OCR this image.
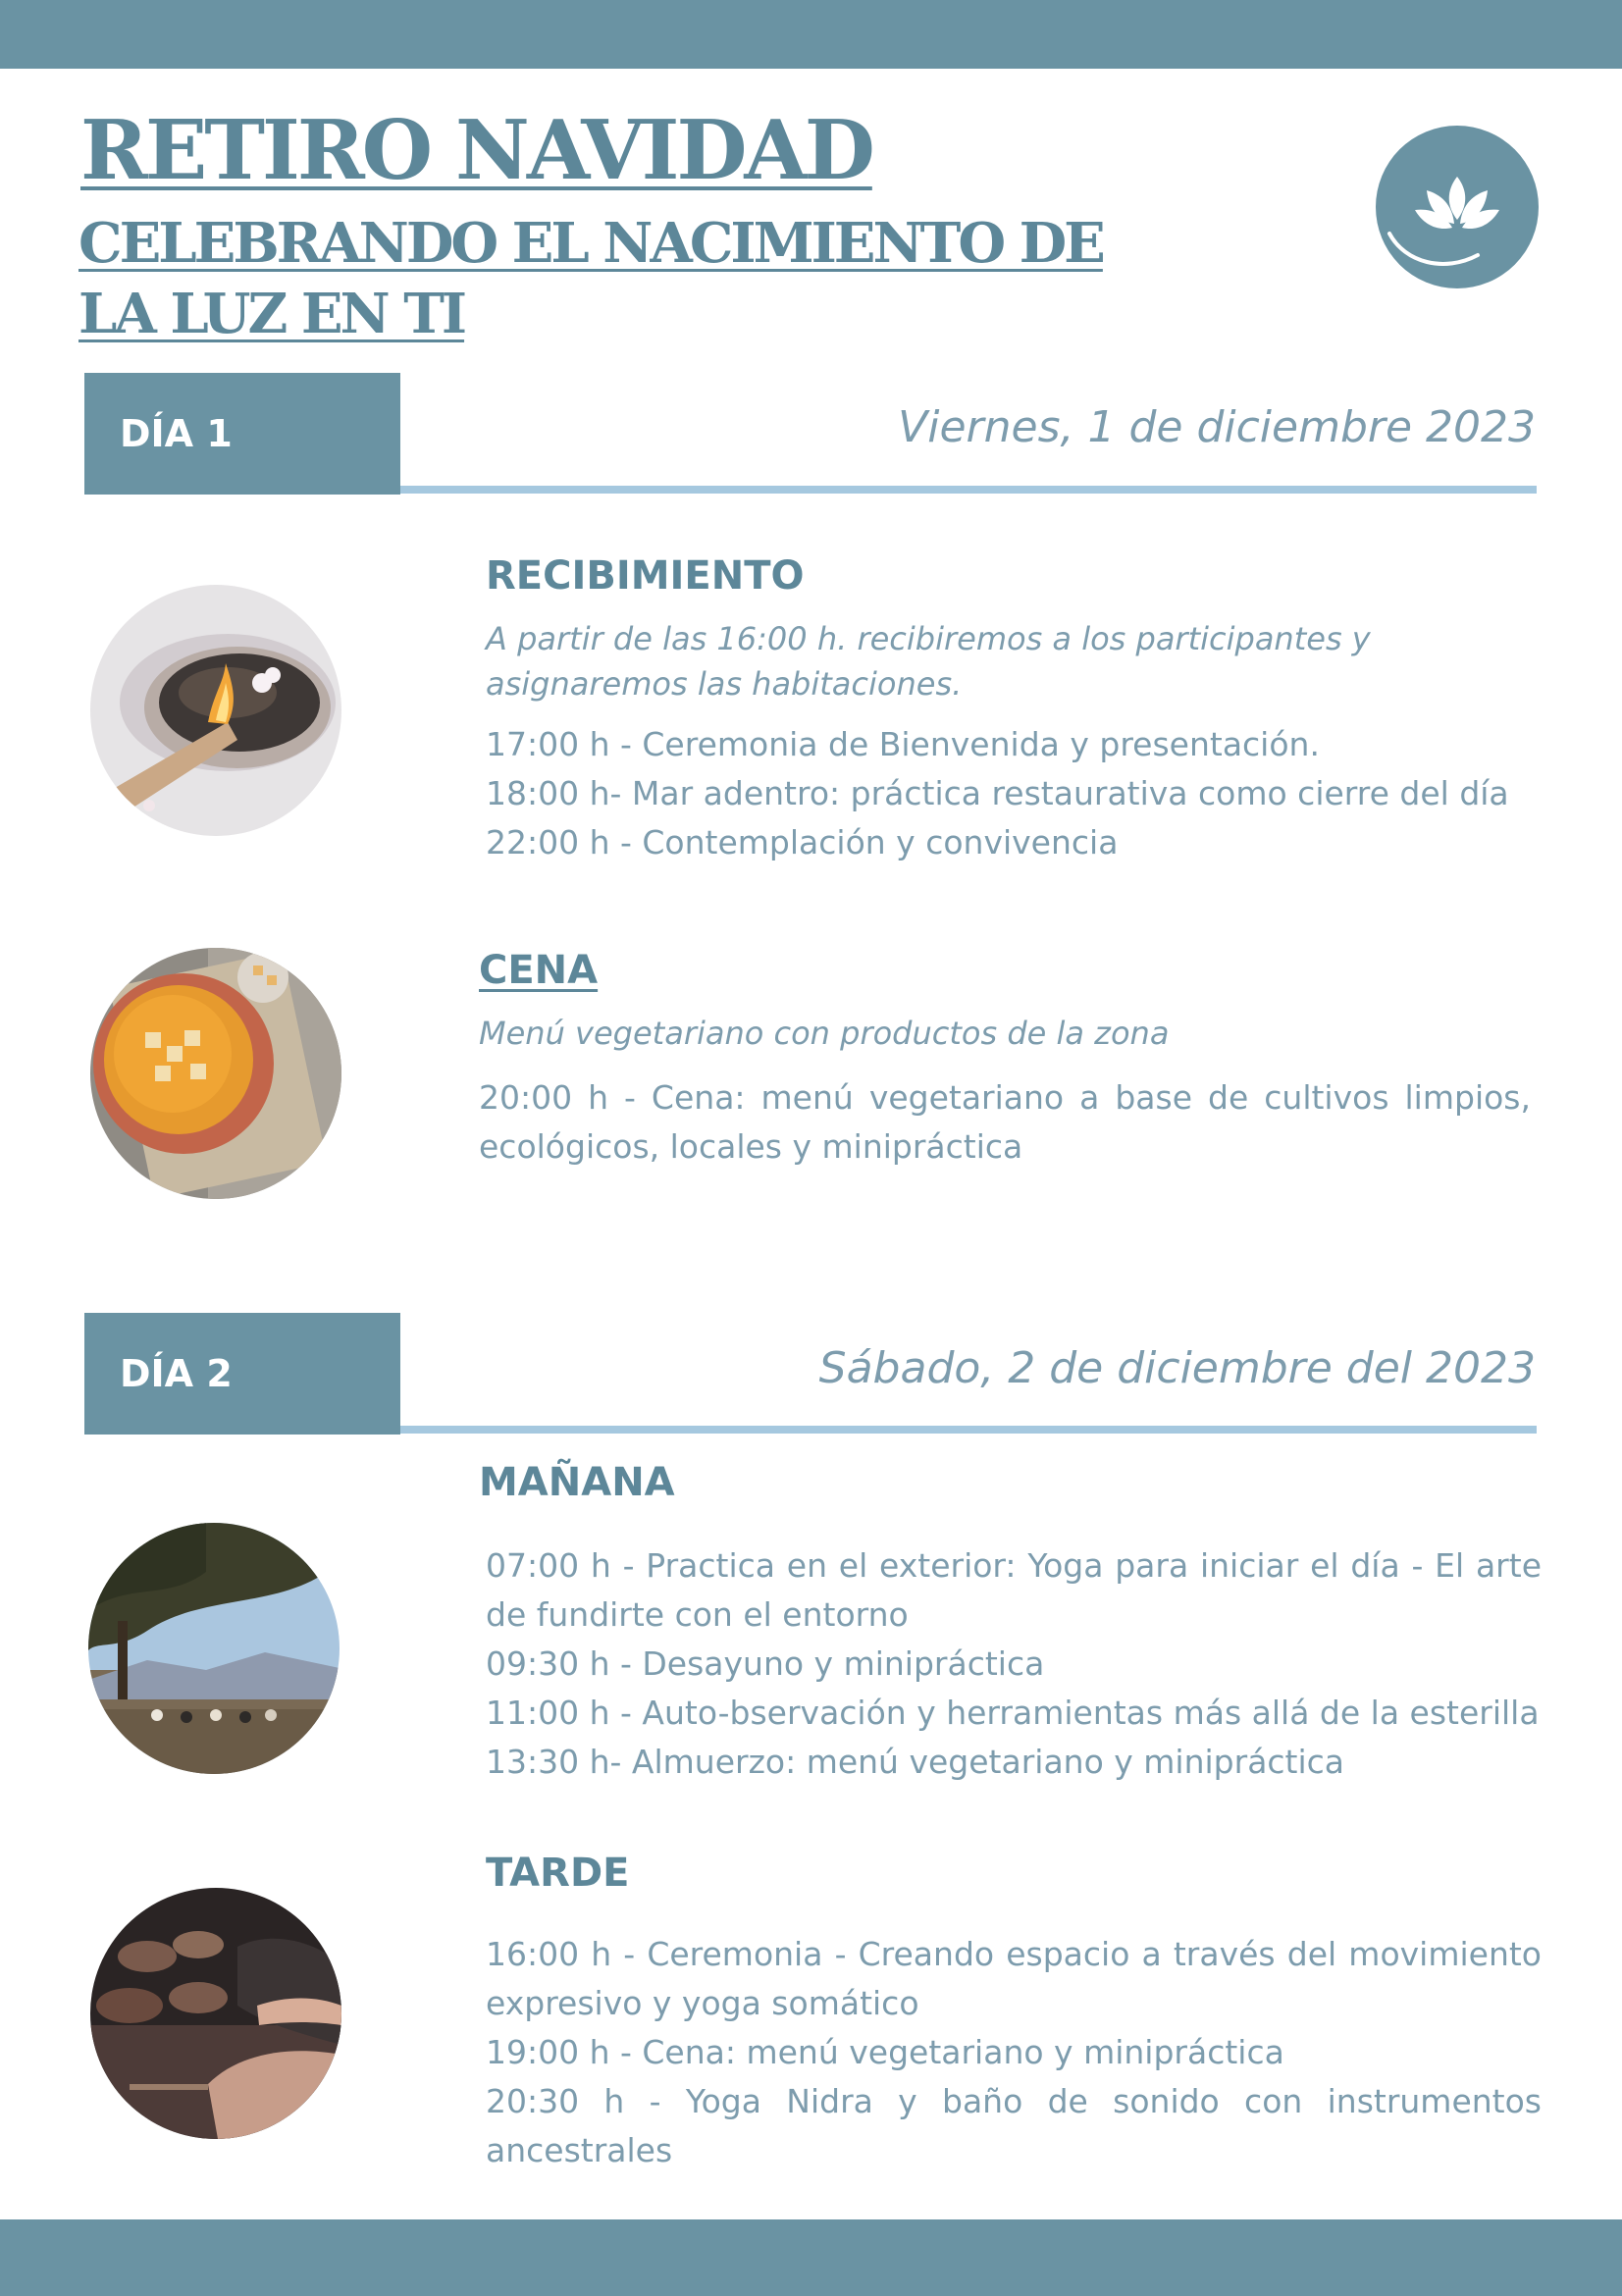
RETIRO NAVIDAD
CELEBRANDO EL NACIMIENTO DE LA LUZ EN TI
DÍA 1	Viernes, 1 de diciembre 2023
RECIBIMIENTO

A partir de las 16:00 h. recibiremos a los participantes y asignaremos las habitaciones.

17:00 h - Ceremonia de Bienvenida y presentación.
18:00 h- Mar adentro: práctica restaurativa como cierre del día
22:00 h - Contemplación y convivencia
CENA

Menú vegetariano con productos de la zona

20:00 h - Cena: menú vegetariano a base de cultivos limpios, ecológicos, locales y minipráctica
DÍA 2	Sábado, 2 de diciembre del 2023
MAÑANA
07:00 h - Practica en el exterior: Yoga para iniciar el día - El arte de fundirte con el entorno
09:30 h - Desayuno y minipráctica
11:00 h - Auto-bservación y herramientas más allá de la esterilla
13:30 h- Almuerzo: menú vegetariano y minipráctica
TARDE
16:00 h - Ceremonia - Creando espacio a través del movimiento expresivo y yoga somático
19:00 h - Cena: menú vegetariano y minipráctica
20:30 h - Yoga Nidra y baño de sonido con instrumentos ancestrales
